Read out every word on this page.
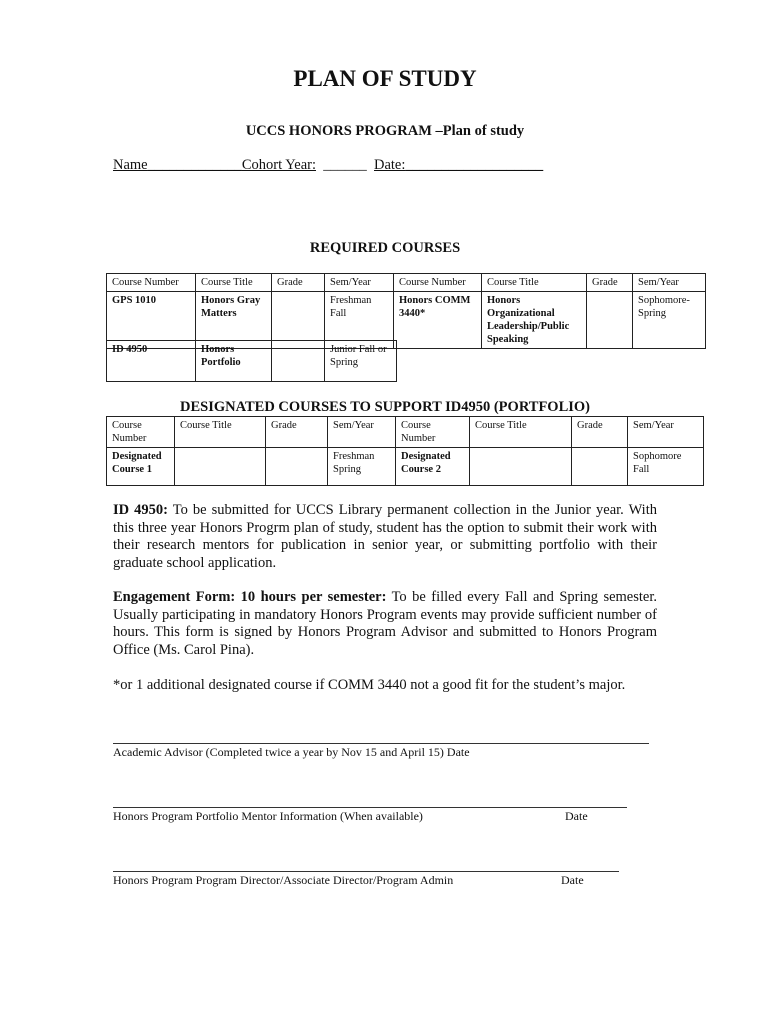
PLAN OF STUDY
UCCS HONORS PROGRAM –Plan of study
Name_____________Cohort Year: ______ Date:___________________
REQUIRED COURSES
Course Number	Course Title	Grade	Sem/Year	Course Number	Course Title	Grade	Sem/Year
GPS 1010	Honors Gray Matters		Freshman Fall	Honors COMM 3440*	Honors Organizational Leadership/Public Speaking		Sophomore-Spring
ID 4950	Honors Portfolio		Junior Fall or Spring
DESIGNATED COURSES TO SUPPORT ID4950 (PORTFOLIO)
Course Number	Course Title	Grade	Sem/Year	Course Number	Course Title	Grade	Sem/Year
Designated Course 1			Freshman Spring	Designated Course 2			Sophomore Fall
ID 4950: To be submitted for UCCS Library permanent collection in the Junior year. With this three year Honors Progrm plan of study, student has the option to submit their work with their research mentors for publication in senior year, or submitting portfolio with their graduate school application.
Engagement Form: 10 hours per semester: To be filled every Fall and Spring semester. Usually participating in mandatory Honors Program events may provide sufficient number of hours. This form is signed by Honors Program Advisor and submitted to Honors Program Office (Ms. Carol Pina).
*or 1 additional designated course if COMM 3440 not a good fit for the student’s major.
Academic Advisor (Completed twice a year by Nov 15 and April 15) Date
Honors Program Portfolio Mentor Information (When available)	Date
Honors Program Program Director/Associate Director/Program Admin	Date
